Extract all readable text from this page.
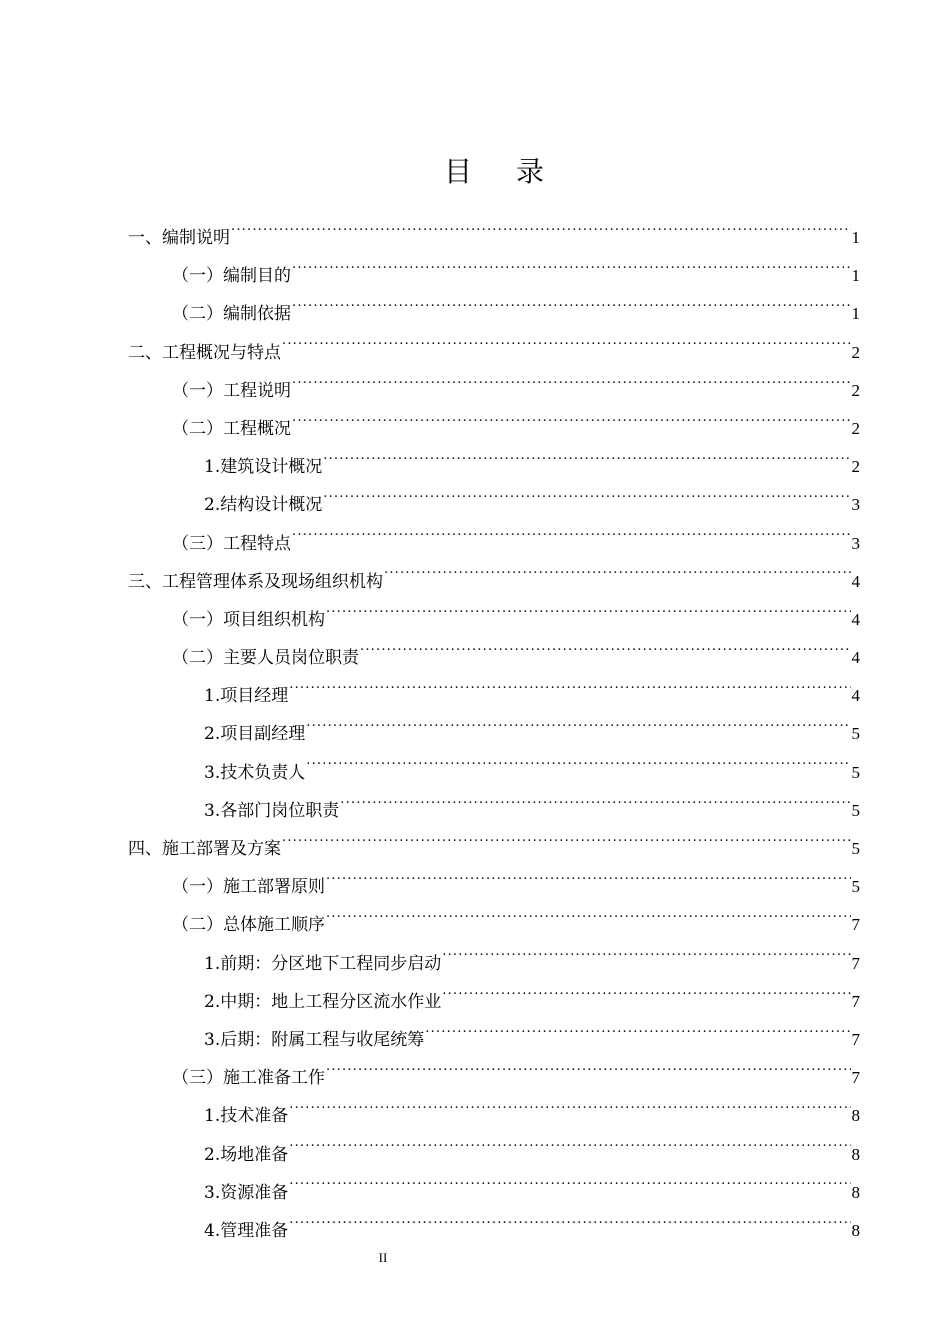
目 录
一、编制说明 .....	1
（一）编制目的 .....	1
（二）编制依据 .....	1
二、工程概况与特点 .....	2
（一）工程说明 .....	2
（二）工程概况 .....	2
1.建筑设计概况 .....	2
2.结构设计概况 .....	3
（三）工程特点 .....	3
三、工程管理体系及现场组织机构 .....	4
（一）项目组织机构 .....	4
（二）主要人员岗位职责 .....	4
1.项目经理 .....	4
2.项目副经理 .....	5
3.技术负责人 .....	5
3.各部门岗位职责 .....	5
四、施工部署及方案 .....	5
（一）施工部署原则 .....	5
（二）总体施工顺序 .....	7
1.前期：分区地下工程同步启动 .....	7
2.中期：地上工程分区流水作业 .....	7
3.后期：附属工程与收尾统筹 .....	7
（三）施工准备工作 .....	7
1.技术准备 .....	8
2.场地准备 .....	8
3.资源准备 .....	8
4.管理准备 .....	8
II
